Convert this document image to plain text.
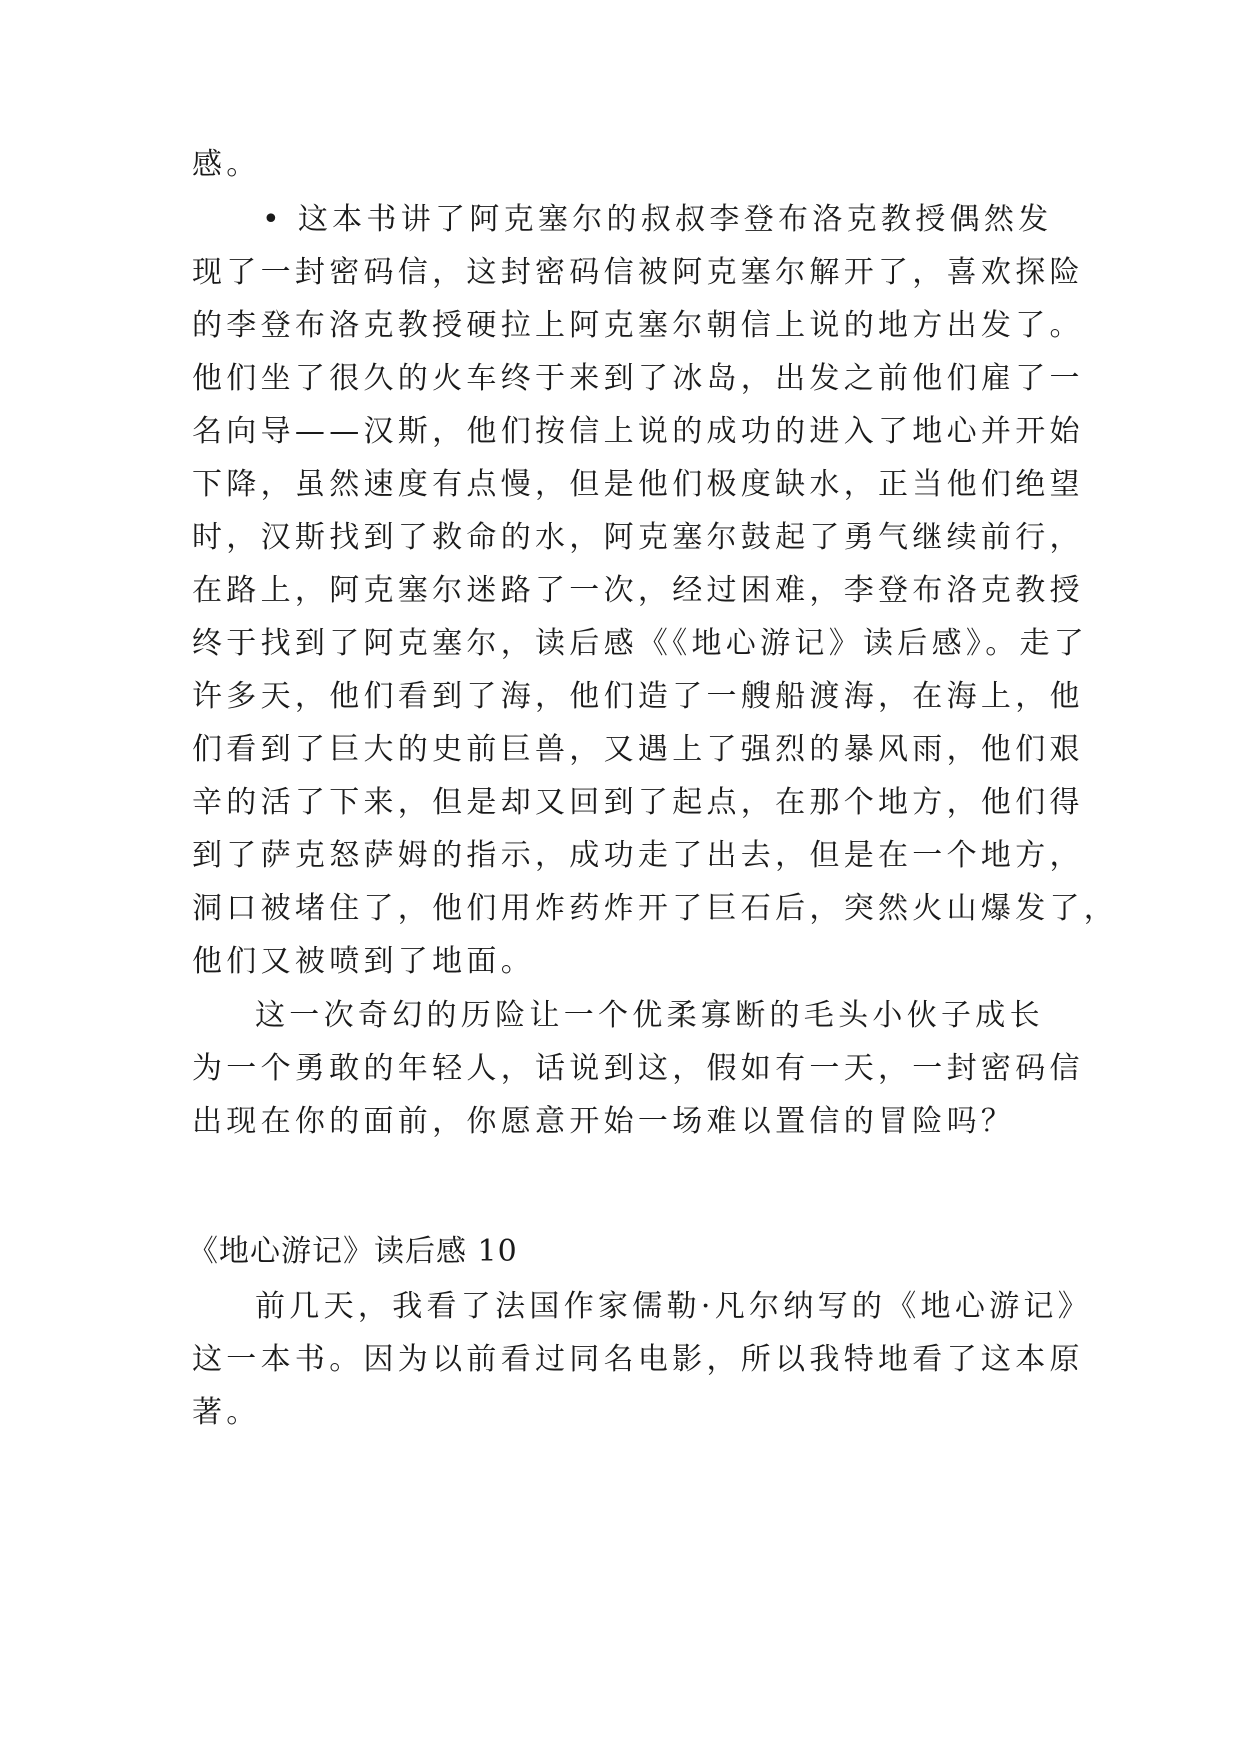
感。
• 这本书讲了阿克塞尔的叔叔李登布洛克教授偶然发
现了一封密码信，这封密码信被阿克塞尔解开了，喜欢探险
的李登布洛克教授硬拉上阿克塞尔朝信上说的地方出发了。
他们坐了很久的火车终于来到了冰岛，出发之前他们雇了一
名向导——汉斯，他们按信上说的成功的进入了地心并开始
下降，虽然速度有点慢，但是他们极度缺水，正当他们绝望
时，汉斯找到了救命的水，阿克塞尔鼓起了勇气继续前行，
在路上，阿克塞尔迷路了一次，经过困难，李登布洛克教授
终于找到了阿克塞尔，读后感《《地心游记》读后感》。走了
许多天，他们看到了海，他们造了一艘船渡海，在海上，他
们看到了巨大的史前巨兽，又遇上了强烈的暴风雨，他们艰
辛的活了下来，但是却又回到了起点，在那个地方，他们得
到了萨克怒萨姆的指示，成功走了出去，但是在一个地方，
洞口被堵住了，他们用炸药炸开了巨石后，突然火山爆发了，
他们又被喷到了地面。
这一次奇幻的历险让一个优柔寡断的毛头小伙子成长
为一个勇敢的年轻人，话说到这，假如有一天，一封密码信
出现在你的面前，你愿意开始一场难以置信的冒险吗？
《地心游记》读后感 10
前几天，我看了法国作家儒勒·凡尔纳写的《地心游记》
这一本书。因为以前看过同名电影，所以我特地看了这本原
著。
